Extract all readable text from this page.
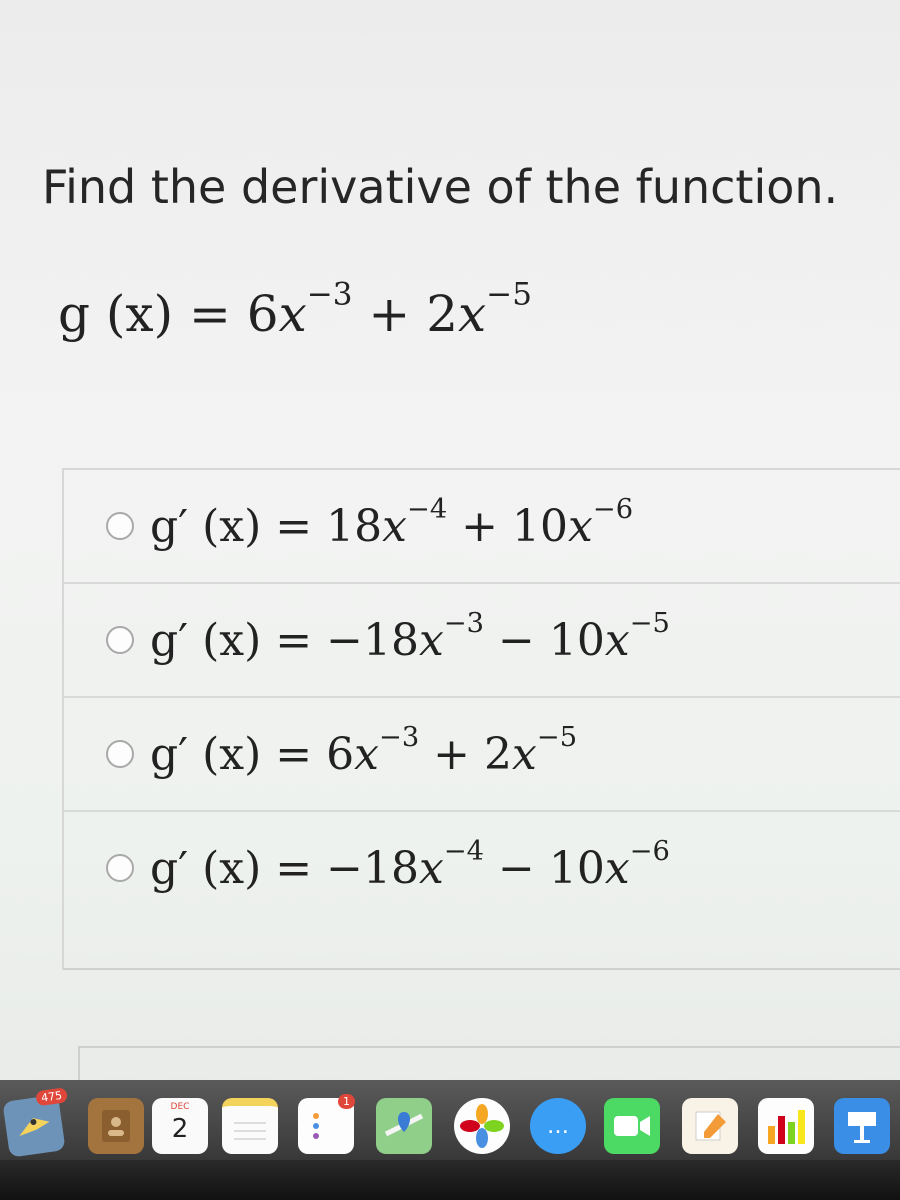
Find the derivative of the function.
g $(x) = 6x^{-3} + 2x^{-5}$
g′ $(x) = 18x^{-4} + 10x^{-6}$
g′ $(x) = -18x^{-3} - 10x^{-5}$
g′ $(x) = 6x^{-3} + 2x^{-5}$
g′ $(x) = -18x^{-4} - 10x^{-6}$
475
DEC
2
1
…
